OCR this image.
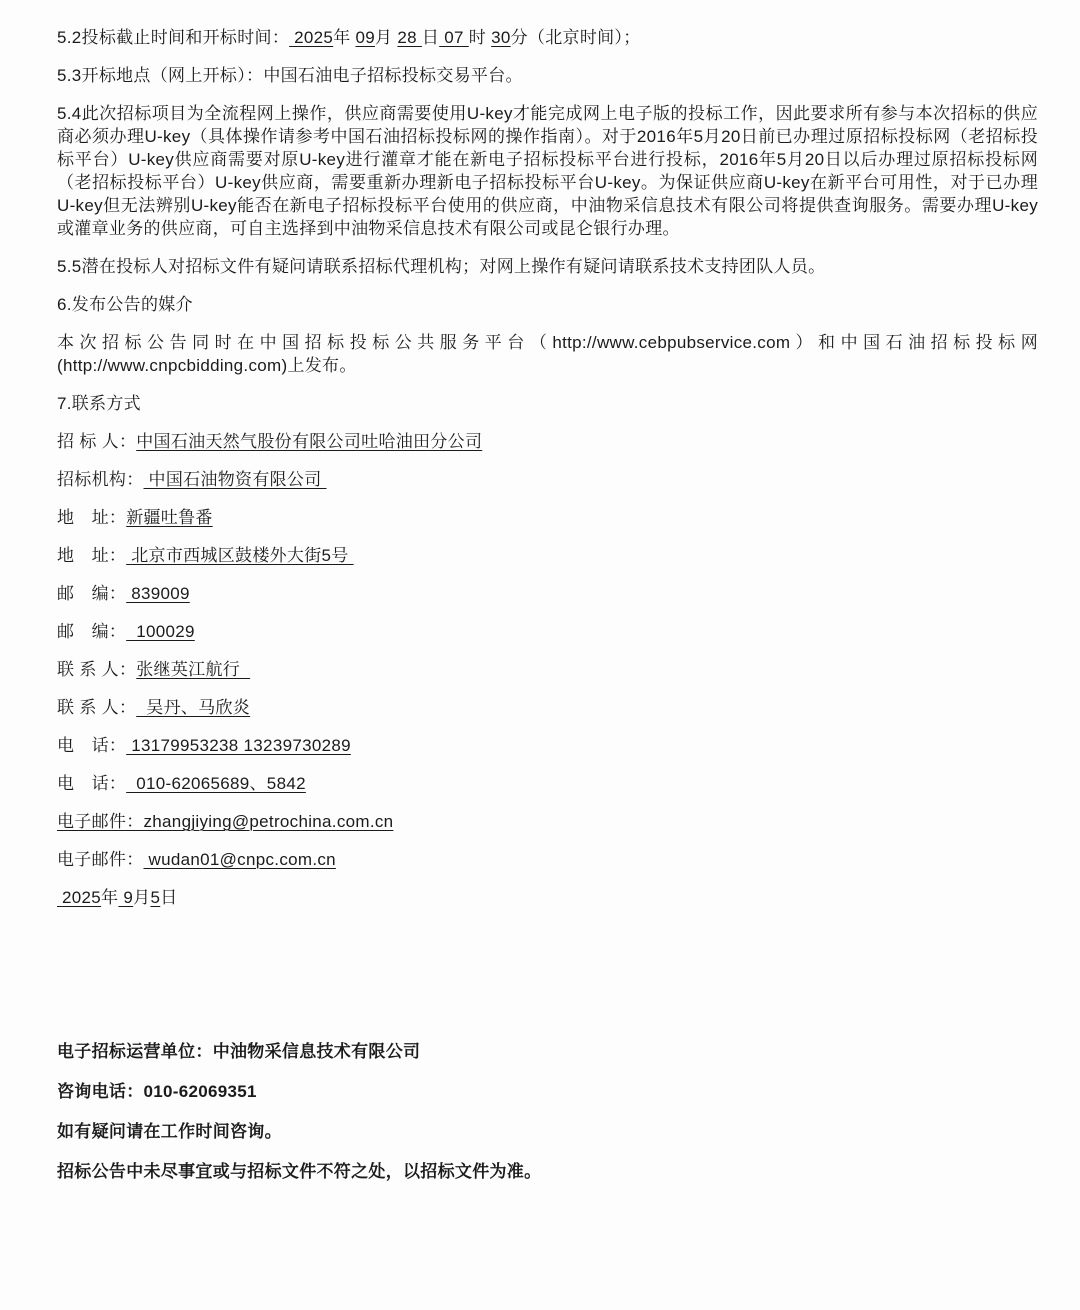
5.2投标截止时间和开标时间： 2025年 09月 28 日 07 时 30分（北京时间）；

5.3开标地点（网上开标）：中国石油电子招标投标交易平台。

5.4此次招标项目为全流程网上操作，供应商需要使用U-key才能完成网上电子版的投标工作，因此要求所有参与本次招标的供应商必须办理U-key（具体操作请参考中国石油招标投标网的操作指南）。对于2016年5月20日前已办理过原招标投标网（老招标投标平台）U-key供应商需要对原U-key进行灌章才能在新电子招标投标平台进行投标，2016年5月20日以后办理过原招标投标网（老招标投标平台）U-key供应商，需要重新办理新电子招标投标平台U-key。为保证供应商U-key在新平台可用性，对于已办理U-key但无法辨别U-key能否在新电子招标投标平台使用的供应商，中油物采信息技术有限公司将提供查询服务。需要办理U-key或灌章业务的供应商，可自主选择到中油物采信息技术有限公司或昆仑银行办理。

5.5潜在投标人对招标文件有疑问请联系招标代理机构；对网上操作有疑问请联系技术支持团队人员。

6.发布公告的媒介

本次招标公告同时在中国招标投标公共服务平台（http://www.cebpubservice.com）和中国石油招标投标网 (http://www.cnpcbidding.com)上发布。

7.联系方式

招 标 人：中国石油天然气股份有限公司吐哈油田分公司
招标机构： 中国石油物资有限公司
地　址：新疆吐鲁番
地　址： 北京市西城区鼓楼外大街5号
邮　编： 839009
邮　编：  100029
联 系 人：张继英江航行
联 系 人：  吴丹、马欣炎
电　话： 13179953238 13239730289
电　话：  010-62065689、5842
电子邮件：zhangjiying@petrochina.com.cn
电子邮件： wudan01@cnpc.com.cn

2025年 9月5日

电子招标运营单位：中油物采信息技术有限公司

咨询电话：010-62069351

如有疑问请在工作时间咨询。

招标公告中未尽事宜或与招标文件不符之处，以招标文件为准。
